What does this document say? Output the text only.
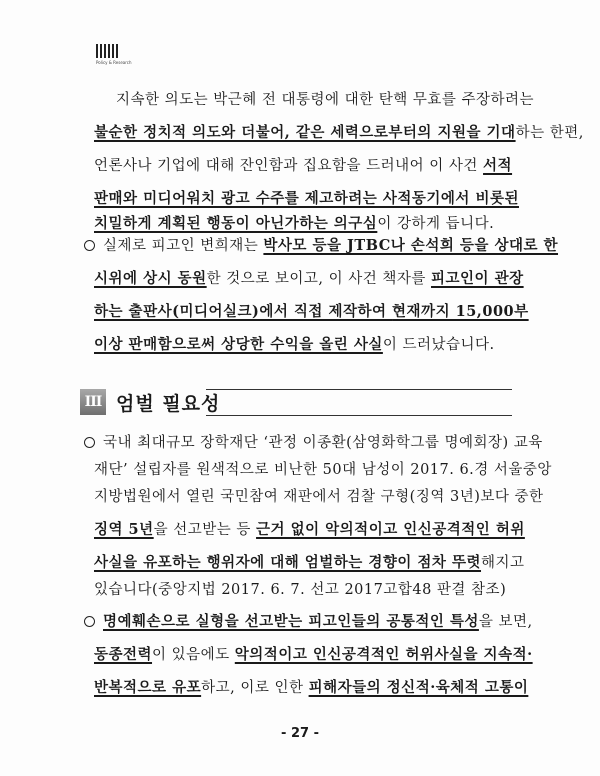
Policy & Research
지속한 의도는 박근혜 전 대통령에 대한 탄핵 무효를 주장하려는
불순한 정치적 의도와 더불어, 같은 세력으로부터의 지원을 기대하는 한편,
언론사나 기업에 대해 잔인함과 집요함을 드러내어 이 사건 서적
판매와 미디어워치 광고 수주를 제고하려는 사적동기에서 비롯된
치밀하게 계획된 행동이 아닌가하는 의구심이 강하게 듭니다.
실제로 피고인 변희재는 박사모 등을 JTBC나 손석희 등을 상대로 한
시위에 상시 동원한 것으로 보이고, 이 사건 책자를 피고인이 관장
하는 출판사(미디어실크)에서 직접 제작하여 현재까지 15,000부
이상 판매함으로써 상당한 수익을 올린 사실이 드러났습니다.
III 엄벌 필요성
국내 최대규모 장학재단 ‘관정 이종환(삼영화학그룹 명예회장) 교육
재단’ 설립자를 원색적으로 비난한 50대 남성이 2017. 6.경 서울중앙
지방법원에서 열린 국민참여 재판에서 검찰 구형(징역 3년)보다 중한
징역 5년을 선고받는 등 근거 없이 악의적이고 인신공격적인 허위
사실을 유포하는 행위자에 대해 엄벌하는 경향이 점차 뚜렷해지고
있습니다(중앙지법 2017. 6. 7. 선고 2017고합48 판결 참조)
명예훼손으로 실형을 선고받는 피고인들의 공통적인 특성을 보면,
동종전력이 있음에도 악의적이고 인신공격적인 허위사실을 지속적·
반복적으로 유포하고, 이로 인한 피해자들의 정신적·육체적 고통이
- 27 -
